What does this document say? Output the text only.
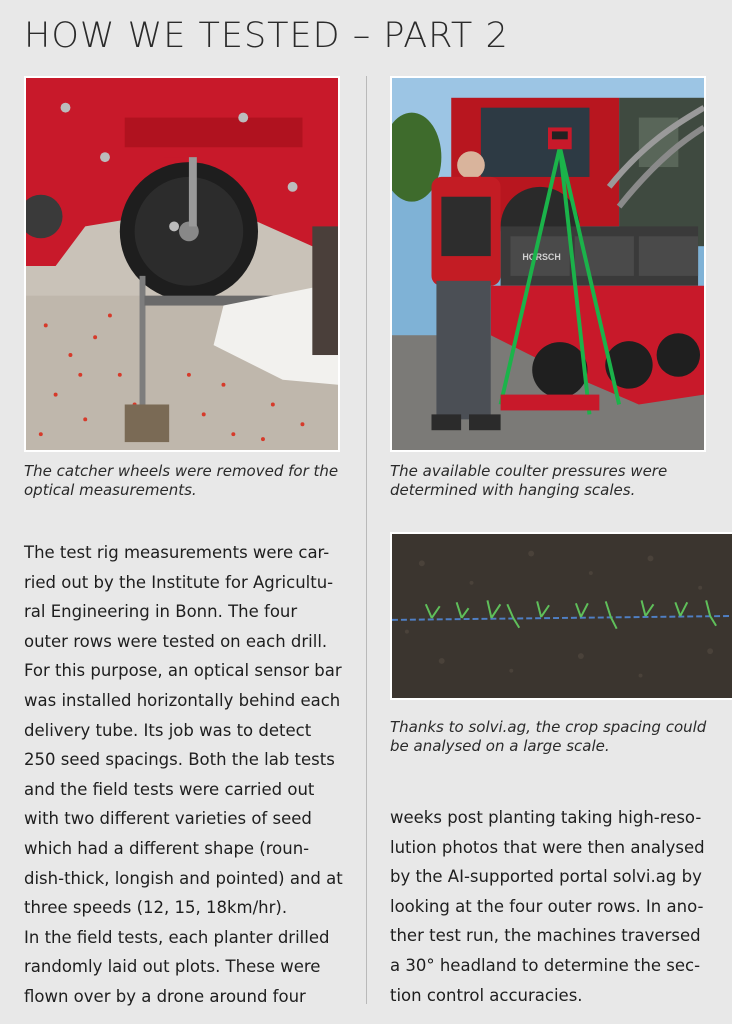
HOW WE TESTED – PART 2
The catcher wheels were removed for the
optical measurements.
HORSCH
The available coulter pressures were
determined with hanging scales.
Thanks to solvi.ag, the crop spacing could
be analysed on a large scale.
The test rig measurements were car-
ried out by the Institute for Agricultu-
ral Engineering in Bonn. The four
outer rows were tested on each drill.
For this purpose, an optical sensor bar
was installed horizontally behind each
delivery tube. Its job was to detect
250 seed spacings. Both the lab tests
and the field tests were carried out
with two different varieties of seed
which had a different shape (roun-
dish-thick, longish and pointed) and at
three speeds (12, 15, 18km/hr).
In the field tests, each planter drilled
randomly laid out plots. These were
flown over by a drone around four
weeks post planting taking high-reso-
lution photos that were then analysed
by the AI-supported portal solvi.ag by
looking at the four outer rows. In ano-
ther test run, the machines traversed
a 30° headland to determine the sec-
tion control accuracies.
